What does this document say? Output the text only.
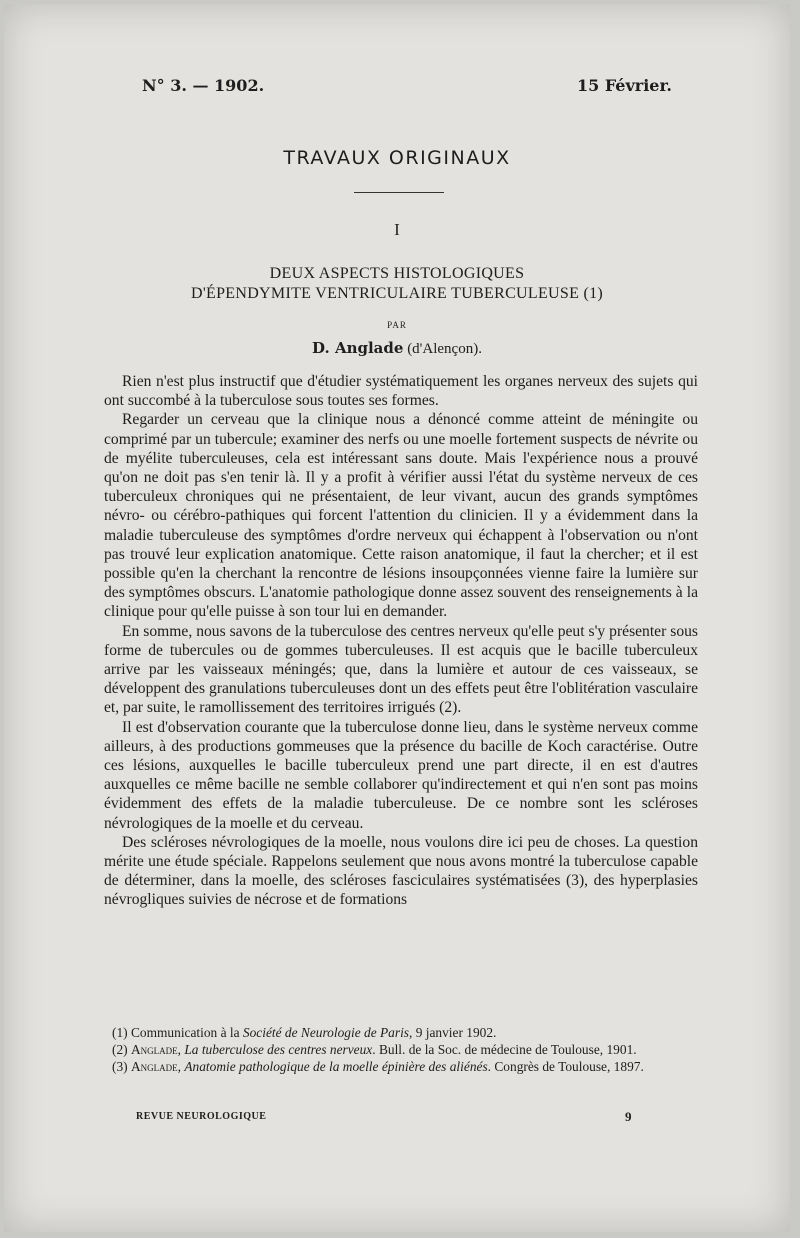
N° 3. — 1902.	15 Février.
TRAVAUX ORIGINAUX
I
DEUX ASPECTS HISTOLOGIQUES
D'ÉPENDYMITE VENTRICULAIRE TUBERCULEUSE (1)
PAR
D. Anglade (d'Alençon).

Rien n'est plus instructif que d'étudier systématiquement les organes nerveux des sujets qui ont succombé à la tuberculose sous toutes ses formes.

Regarder un cerveau que la clinique nous a dénoncé comme atteint de méningite ou comprimé par un tubercule; examiner des nerfs ou une moelle fortement suspects de névrite ou de myélite tuberculeuses, cela est intéressant sans doute. Mais l'expérience nous a prouvé qu'on ne doit pas s'en tenir là. Il y a profit à vérifier aussi l'état du système nerveux de ces tuberculeux chroniques qui ne présentaient, de leur vivant, aucun des grands symptômes névro- ou cérébro-pathiques qui forcent l'attention du clinicien. Il y a évidemment dans la maladie tuberculeuse des symptômes d'ordre nerveux qui échappent à l'observation ou n'ont pas trouvé leur explication anatomique. Cette raison anatomique, il faut la chercher; et il est possible qu'en la cherchant la rencontre de lésions insoupçonnées vienne faire la lumière sur des symptômes obscurs. L'anatomie pathologique donne assez souvent des renseignements à la clinique pour qu'elle puisse à son tour lui en demander.

En somme, nous savons de la tuberculose des centres nerveux qu'elle peut s'y présenter sous forme de tubercules ou de gommes tuberculeuses. Il est acquis que le bacille tuberculeux arrive par les vaisseaux méningés; que, dans la lumière et autour de ces vaisseaux, se développent des granulations tuberculeuses dont un des effets peut être l'oblitération vasculaire et, par suite, le ramollissement des territoires irrigués (2).

Il est d'observation courante que la tuberculose donne lieu, dans le système nerveux comme ailleurs, à des productions gommeuses que la présence du bacille de Koch caractérise. Outre ces lésions, auxquelles le bacille tuberculeux prend une part directe, il en est d'autres auxquelles ce même bacille ne semble collaborer qu'indirectement et qui n'en sont pas moins évidemment des effets de la maladie tuberculeuse. De ce nombre sont les scléroses névrologiques de la moelle et du cerveau.

Des scléroses névrologiques de la moelle, nous voulons dire ici peu de choses. La question mérite une étude spéciale. Rappelons seulement que nous avons montré la tuberculose capable de déterminer, dans la moelle, des scléroses fasciculaires systématisées (3), des hyperplasies névrogliques suivies de nécrose et de formations

(1) Communication à la Société de Neurologie de Paris, 9 janvier 1902.

(2) Anglade, La tuberculose des centres nerveux. Bull. de la Soc. de médecine de Toulouse, 1901.

(3) Anglade, Anatomie pathologique de la moelle épinière des aliénés. Congrès de Toulouse, 1897.

REVUE NEUROLOGIQUE	9
